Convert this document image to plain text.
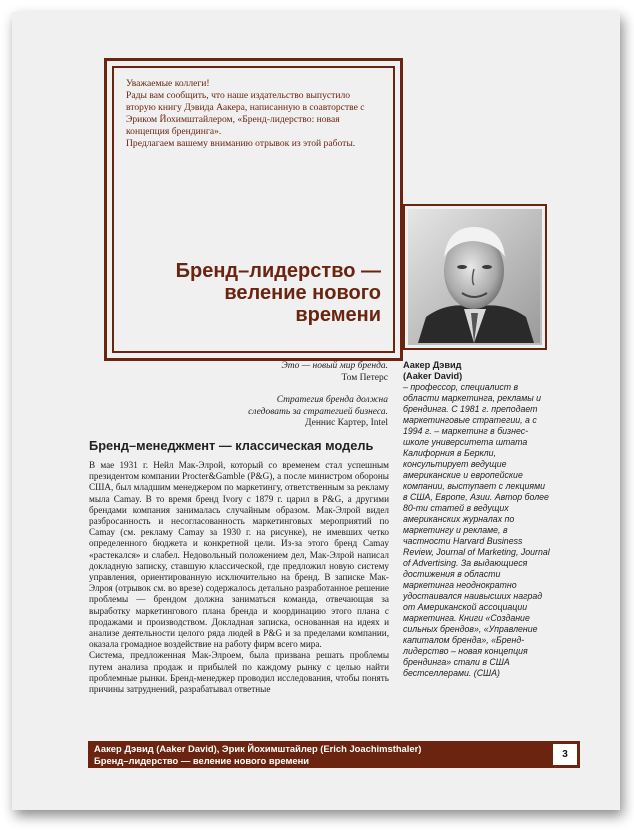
Уважаемые коллеги!

Рады вам сообщить, что наше издательство выпустило вторую книгу Дэвида Аакера, написанную в соавторстве с Эриком Йохимштайлером, «Бренд-лидерство: новая концепция брендинга».

Предлагаем вашему вниманию отрывок из этой работы.

Бренд–лидерство —
веление нового
времени
Это — новый мир бренда.
Том Петерс
Стратегия бренда должна
следовать за стратегией бизнеса.
Деннис Картер, Intel
Бренд–менеджмент — классическая модель

В мае 1931 г. Нейл Мак-Элрой, который со временем стал успешным президентом компании Procter&Gamble (P&G), а после министром обороны США, был младшим менеджером по маркетингу, ответственным за рекламу мыла Camay. В то время бренд Ivory с 1879 г. царил в P&G, а другими брендами компания занималась случайным образом. Мак-Элрой видел разбросанность и несогласованность маркетинговых мероприятий по Camay (см. рекламу Camay за 1930 г. на рисунке), не имевших четко определенного бюджета и конкретной цели. Из-за этого бренд Camay «растекался» и слабел. Недовольный положением дел, Мак-Элрой написал докладную записку, ставшую классической, где предложил новую систему управления, ориентированную исключительно на бренд. В записке Мак-Элроя (отрывок см. во врезе) содержалось детально разработанное решение проблемы — брендом должна заниматься команда, отвечающая за выработку маркетингового плана бренда и координацию этого плана с продажами и производством. Докладная записка, основанная на идеях и анализе деятельности целого ряда людей в P&G и за пределами компании, оказала громадное воздействие на работу фирм всего мира.

Система, предложенная Мак-Элроем, была призвана решать проблемы путем анализа продаж и прибылей по каждому рынку с целью найти проблемные рынки. Бренд-менеджер проводил исследования, чтобы понять причины затруднений, разрабатывал ответные

Аакер Дэвид
(Aaker David)
– профессор, специалист в области маркетинга, рекламы и брендинга. С 1981 г. преподает маркетинговые стратегии, а с 1994 г. – маркетинг в бизнес-школе университета штата Калифорния в Беркли, консультирует ведущие американские и европейские компании, выступает с лекциями в США, Европе, Азии. Автор более 80-ти статей в ведущих американских журналах по маркетингу и рекламе, в частности Harvard Business Review, Journal of Marketing, Journal of Advertising. За выдающиеся достижения в области маркетинга неоднократно удостаивался наивысших наград от Американской ассоциации маркетинга. Книги «Создание сильных брендов», «Управление капиталом бренда», «Бренд-лидерство – новая концепция брендинга» стали в США бестселлерами. (США)
Аакер Дэвид (Aaker David), Эрик Йохимштайлер (Erich Joachimsthaler)
Бренд–лидерство — веление нового времени
3
